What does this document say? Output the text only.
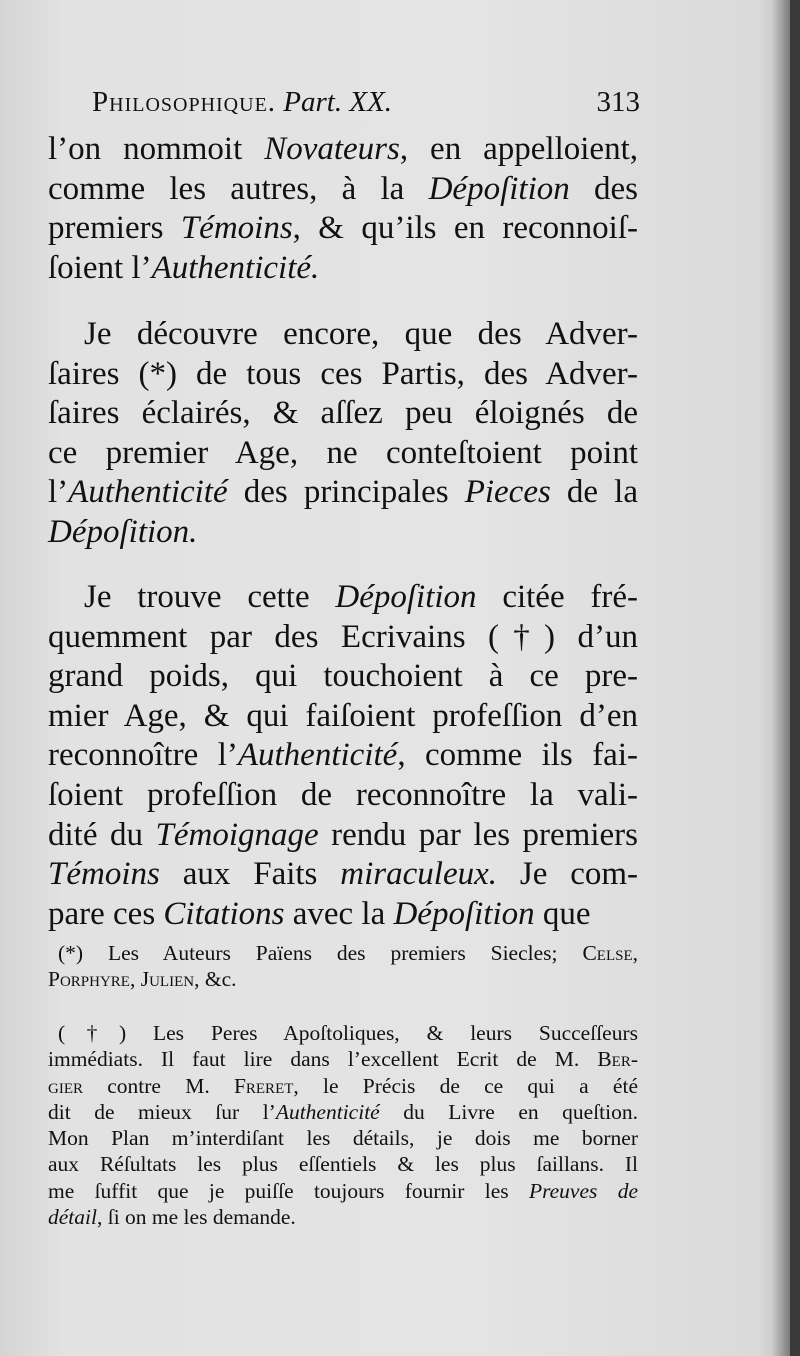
Philosophique. Part. XX.	313
l’on nommoit Novateurs, en appelloient,
comme les autres, à la Dépoſition des
premiers Témoins, & qu’ils en reconnoiſ-
ſoient l’Authenticité.
Je découvre encore, que des Adver-
ſaires (*) de tous ces Partis, des Adver-
ſaires éclairés, & aſſez peu éloignés de
ce premier Age, ne conteſtoient point
l’Authenticité des principales Pieces de la
Dépoſition.
Je trouve cette Dépoſition citée fré-
quemment par des Ecrivains (†) d’un
grand poids, qui touchoient à ce pre-
mier Age, & qui faiſoient profeſſion d’en
reconnoître l’Authenticité, comme ils fai-
ſoient profeſſion de reconnoître la vali-
dité du Témoignage rendu par les premiers
Témoins aux Faits miraculeux. Je com-
pare ces Citations avec la Dépoſition que
(*) Les Auteurs Païens des premiers Siecles; Celse,
Porphyre, Julien, &c.
(†) Les Peres Apoſtoliques, & leurs Succeſſeurs
immédiats. Il faut lire dans l’excellent Ecrit de M. Ber-
gier contre M. Freret, le Précis de ce qui a été
dit de mieux ſur l’Authenticité du Livre en queſtion.
Mon Plan m’interdiſant les détails, je dois me borner
aux Réſultats les plus eſſentiels & les plus ſaillans. Il
me ſuffit que je puiſſe toujours fournir les Preuves de
détail, ſi on me les demande.
